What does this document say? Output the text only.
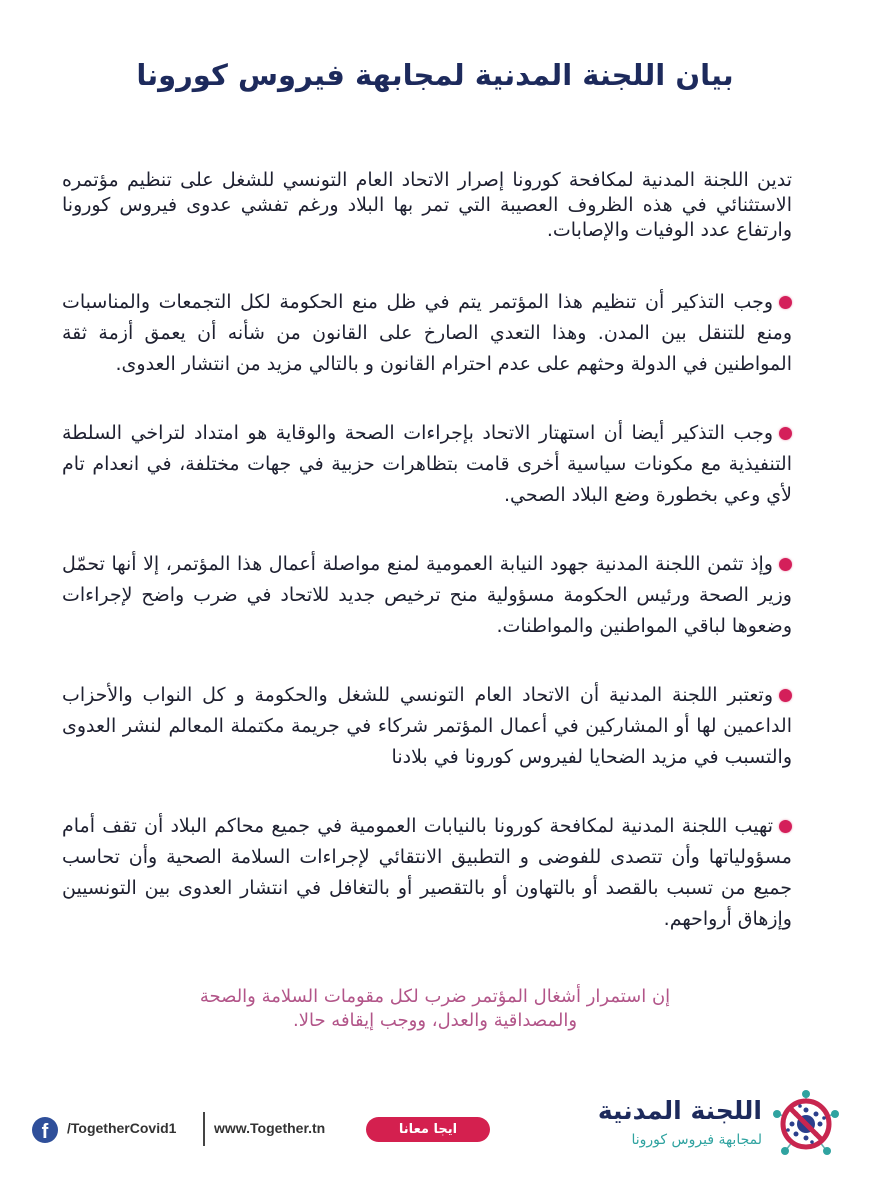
بيان اللجنة المدنية لمجابهة فيروس كورونا

تدين اللجنة المدنية لمكافحة كورونا إصرار الاتحاد العام التونسي للشغل على تنظيم مؤتمره الاستثنائي في هذه الظروف العصيبة التي تمر بها البلاد ورغم تفشي عدوى فيروس كورونا وارتفاع عدد الوفيات والإصابات.

وجب التذكير أن تنظيم هذا المؤتمر يتم في ظل منع الحكومة لكل التجمعات والمناسبات ومنع للتنقل بين المدن. وهذا التعدي الصارخ على القانون من شأنه أن يعمق أزمة ثقة المواطنين في الدولة وحثهم على عدم احترام القانون و بالتالي مزيد من انتشار العدوى.

وجب التذكير أيضا أن استهتار الاتحاد بإجراءات الصحة والوقاية هو امتداد لتراخي السلطة التنفيذية مع مكونات سياسية أخرى قامت بتظاهرات حزبية في جهات مختلفة، في انعدام تام لأي وعي بخطورة وضع البلاد الصحي.

وإذ تثمن اللجنة المدنية جهود النيابة العمومية لمنع مواصلة أعمال هذا المؤتمر، إلا أنها تحمّل وزير الصحة ورئيس الحكومة مسؤولية منح ترخيص جديد للاتحاد في ضرب واضح لإجراءات وضعوها لباقي المواطنين والمواطنات.

وتعتبر اللجنة المدنية أن الاتحاد العام التونسي للشغل والحكومة و كل النواب والأحزاب الداعمين لها أو المشاركين في أعمال المؤتمر شركاء في جريمة مكتملة المعالم لنشر العدوى والتسبب في مزيد الضحايا لفيروس كورونا في بلادنا

تهيب اللجنة المدنية لمكافحة كورونا بالنيابات العمومية في جميع محاكم البلاد أن تقف أمام مسؤولياتها وأن تتصدى للفوضى و التطبيق الانتقائي لإجراءات السلامة الصحية وأن تحاسب جميع من تسبب بالقصد أو بالتهاون أو بالتقصير أو بالتغافل في انتشار العدوى بين التونسيين وإزهاق أرواحهم.

إن استمرار أشغال المؤتمر ضرب لكل مقومات السلامة والصحة
والمصداقية والعدل، ووجب إيقافه حالا.
f	/TogetherCovid1	www.Together.tn	ايجا معانا
اللجنة المدنية
لمجابهة فيروس كورونا
